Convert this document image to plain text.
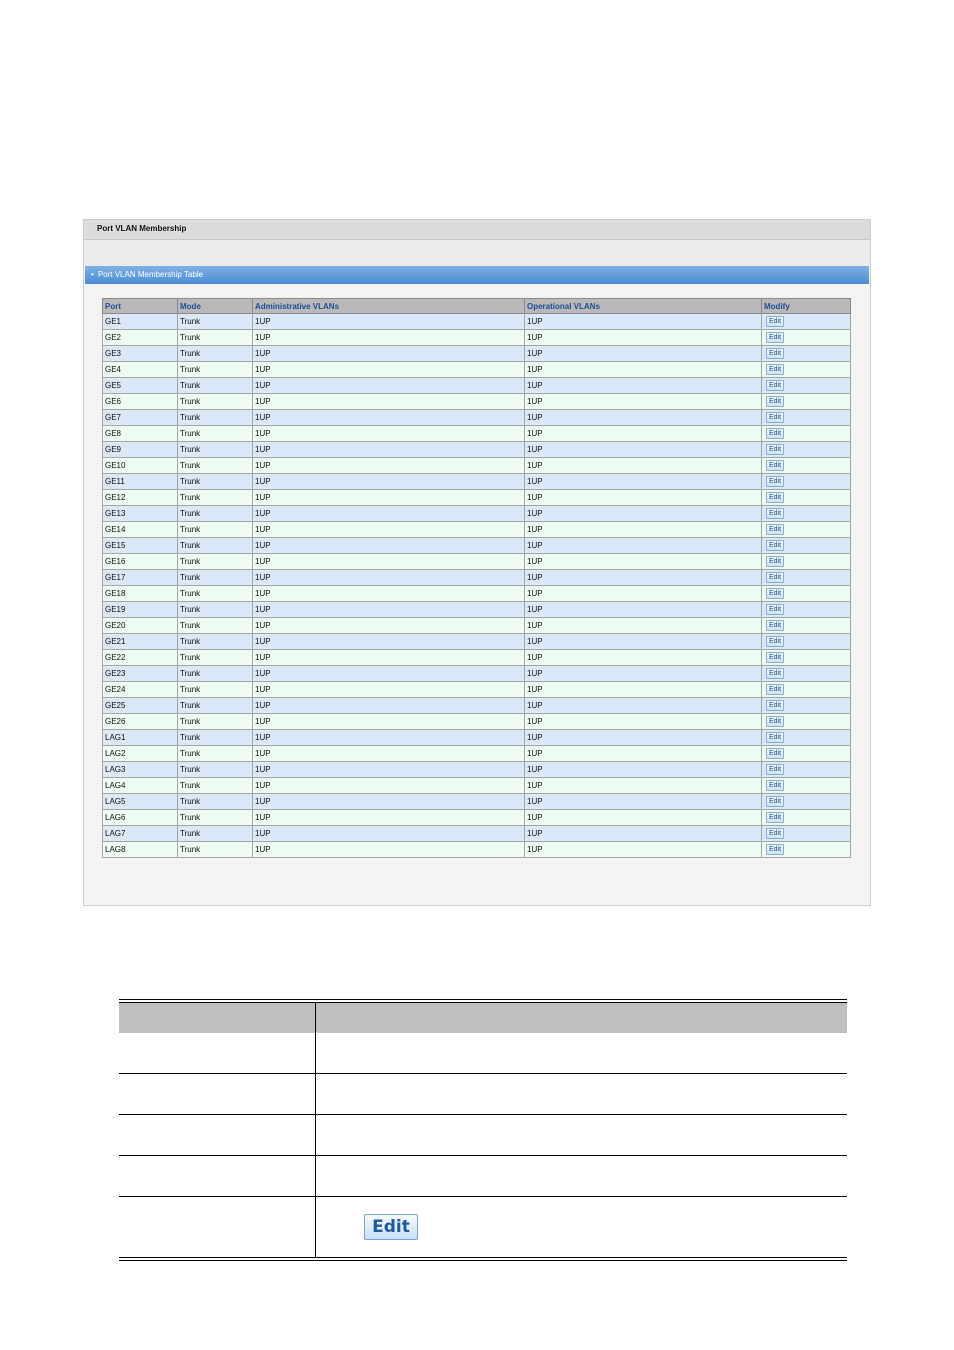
Port VLAN Membership
• Port VLAN Membership Table
Port	Mode	Administrative VLANs	Operational VLANs	Modify
GE1	Trunk	1UP	1UP	Edit
GE2	Trunk	1UP	1UP	Edit
GE3	Trunk	1UP	1UP	Edit
GE4	Trunk	1UP	1UP	Edit
GE5	Trunk	1UP	1UP	Edit
GE6	Trunk	1UP	1UP	Edit
GE7	Trunk	1UP	1UP	Edit
GE8	Trunk	1UP	1UP	Edit
GE9	Trunk	1UP	1UP	Edit
GE10	Trunk	1UP	1UP	Edit
GE11	Trunk	1UP	1UP	Edit
GE12	Trunk	1UP	1UP	Edit
GE13	Trunk	1UP	1UP	Edit
GE14	Trunk	1UP	1UP	Edit
GE15	Trunk	1UP	1UP	Edit
GE16	Trunk	1UP	1UP	Edit
GE17	Trunk	1UP	1UP	Edit
GE18	Trunk	1UP	1UP	Edit
GE19	Trunk	1UP	1UP	Edit
GE20	Trunk	1UP	1UP	Edit
GE21	Trunk	1UP	1UP	Edit
GE22	Trunk	1UP	1UP	Edit
GE23	Trunk	1UP	1UP	Edit
GE24	Trunk	1UP	1UP	Edit
GE25	Trunk	1UP	1UP	Edit
GE26	Trunk	1UP	1UP	Edit
LAG1	Trunk	1UP	1UP	Edit
LAG2	Trunk	1UP	1UP	Edit
LAG3	Trunk	1UP	1UP	Edit
LAG4	Trunk	1UP	1UP	Edit
LAG5	Trunk	1UP	1UP	Edit
LAG6	Trunk	1UP	1UP	Edit
LAG7	Trunk	1UP	1UP	Edit
LAG8	Trunk	1UP	1UP	Edit

	Edit
